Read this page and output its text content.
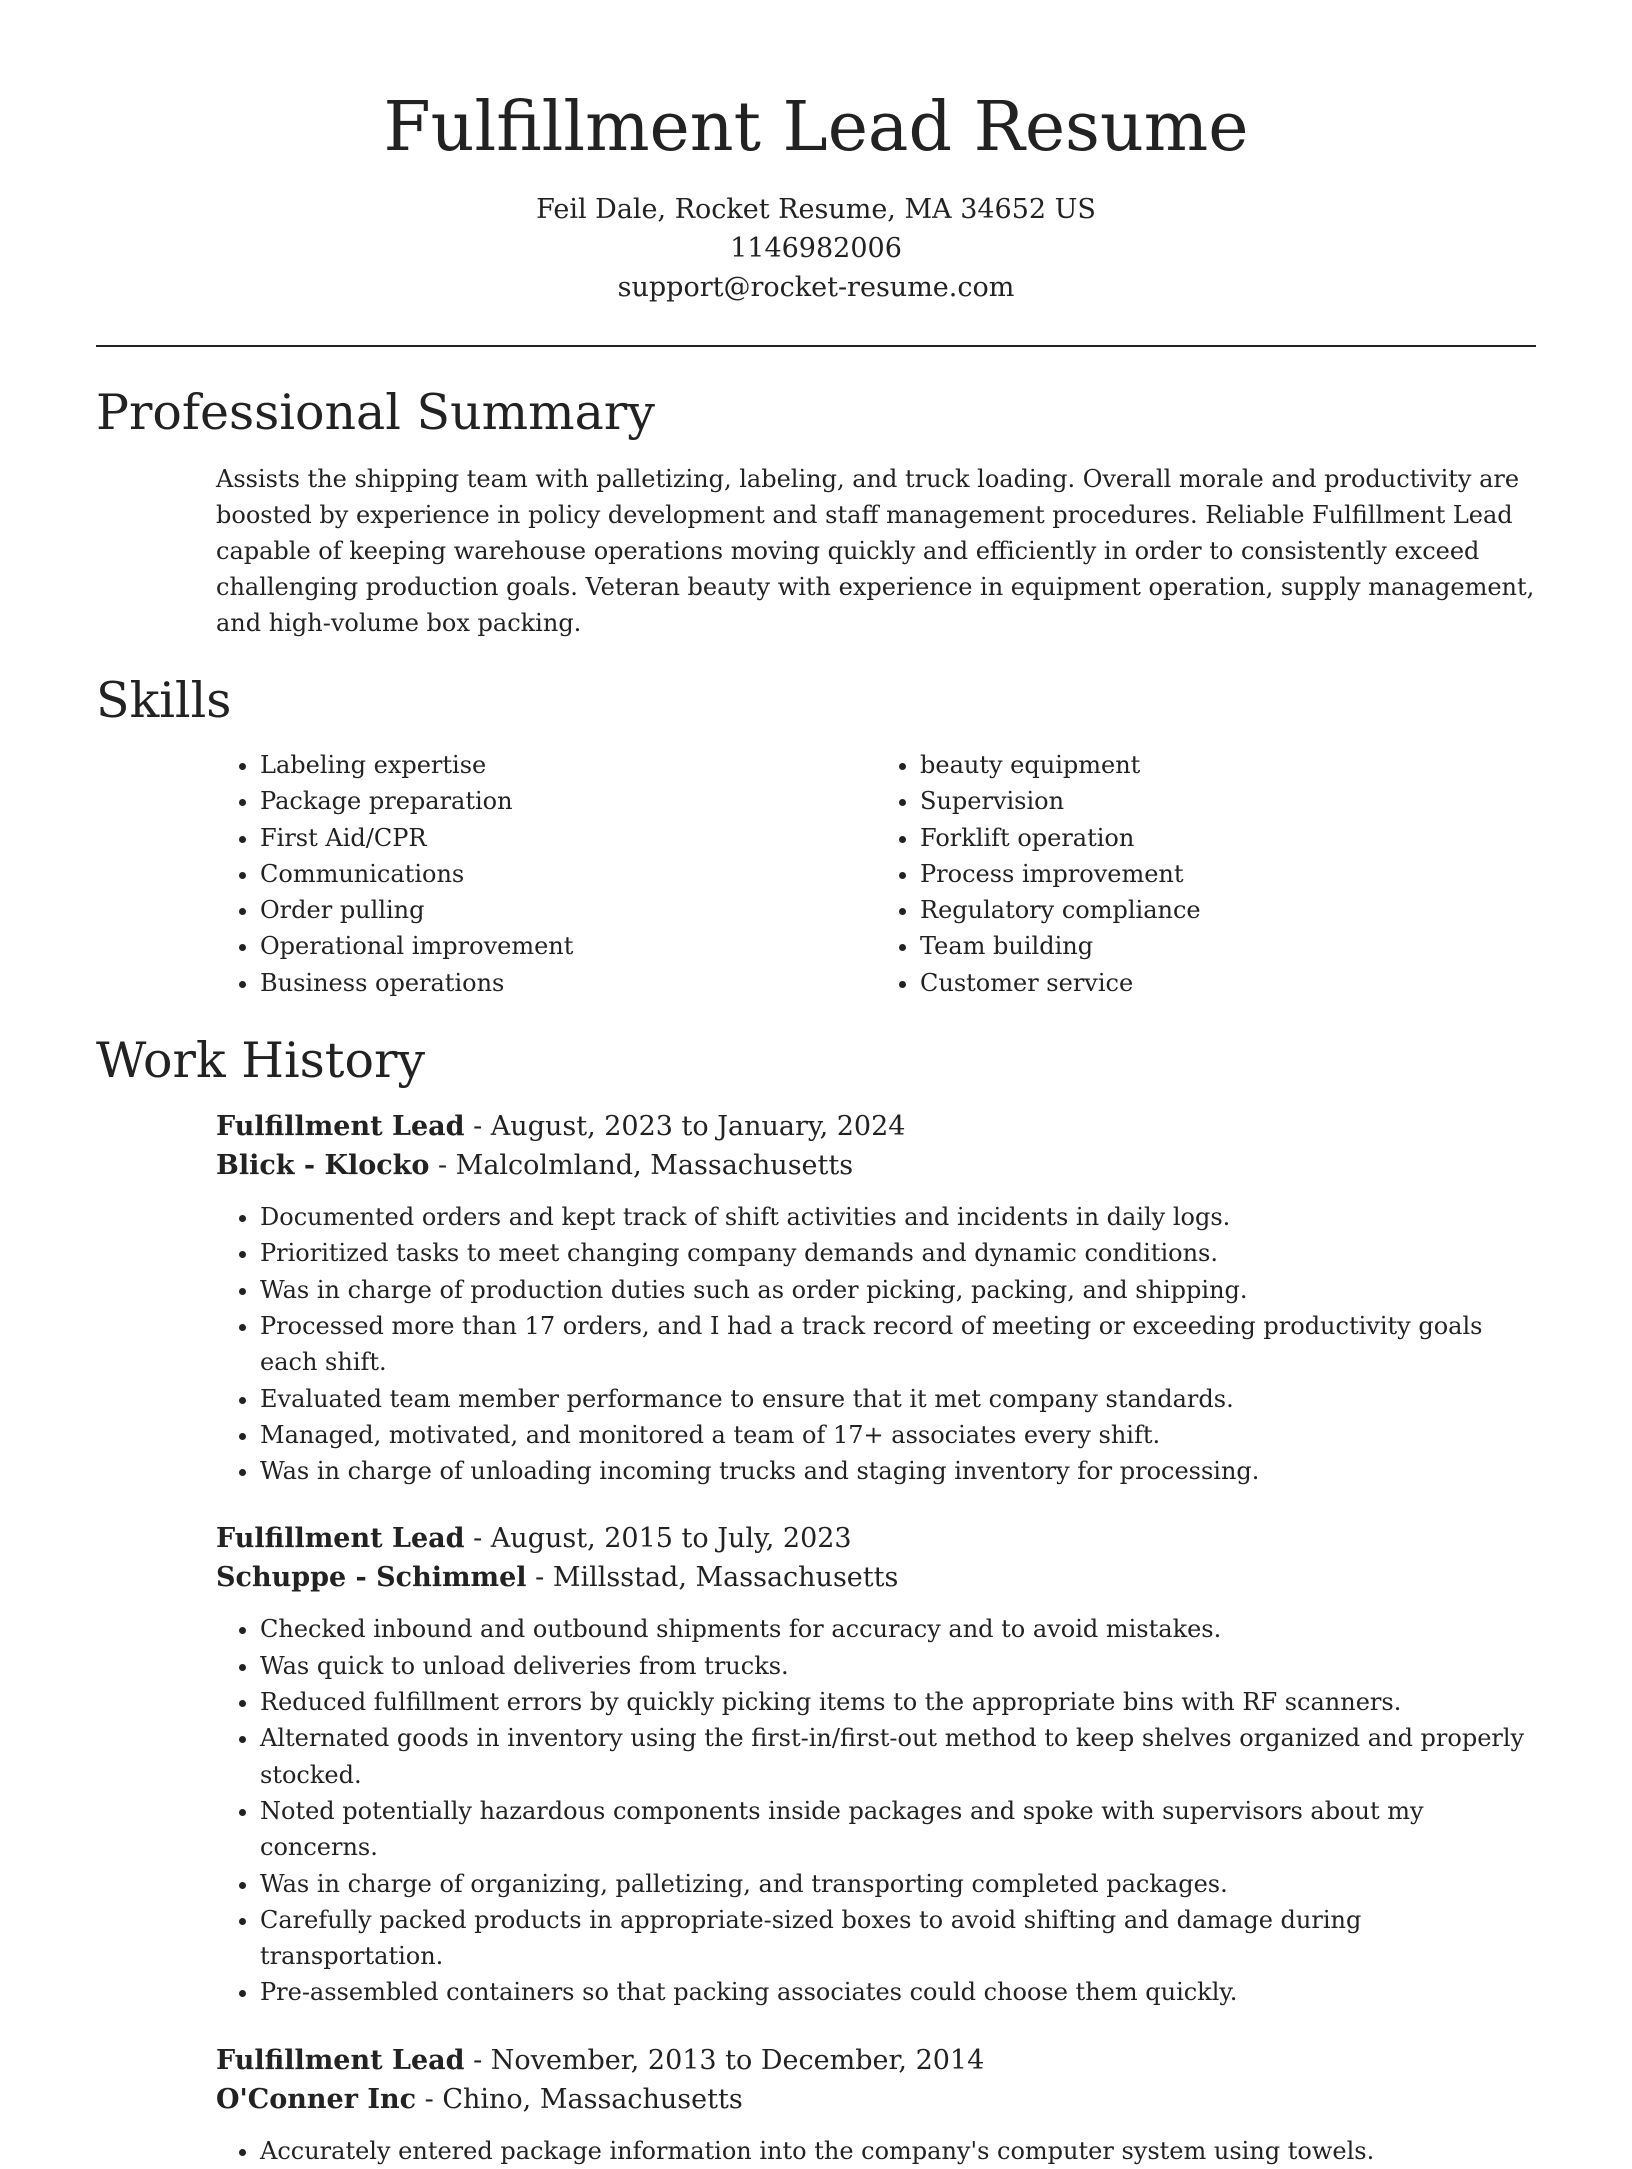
Fulfillment Lead Resume
Feil Dale, Rocket Resume, MA 34652 US
1146982006
support@rocket-resume.com
Professional Summary

Assists the shipping team with palletizing, labeling, and truck loading. Overall morale and productivity are boosted by experience in policy development and staff management procedures. Reliable Fulfillment Lead capable of keeping warehouse operations moving quickly and efficiently in order to consistently exceed challenging production goals. Veteran beauty with experience in equipment operation, supply management, and high-volume box packing.

Skills
• Labeling expertise
• Package preparation
• First Aid/CPR
• Communications
• Order pulling
• Operational improvement
• Business operations
• beauty equipment
• Supervision
• Forklift operation
• Process improvement
• Regulatory compliance
• Team building
• Customer service
Work History
Fulfillment Lead - August, 2023 to January, 2024
Blick - Klocko - Malcolmland, Massachusetts
• Documented orders and kept track of shift activities and incidents in daily logs.
• Prioritized tasks to meet changing company demands and dynamic conditions.
• Was in charge of production duties such as order picking, packing, and shipping.
• Processed more than 17 orders, and I had a track record of meeting or exceeding productivity goals each shift.
• Evaluated team member performance to ensure that it met company standards.
• Managed, motivated, and monitored a team of 17+ associates every shift.
• Was in charge of unloading incoming trucks and staging inventory for processing.
Fulfillment Lead - August, 2015 to July, 2023
Schuppe - Schimmel - Millsstad, Massachusetts
• Checked inbound and outbound shipments for accuracy and to avoid mistakes.
• Was quick to unload deliveries from trucks.
• Reduced fulfillment errors by quickly picking items to the appropriate bins with RF scanners.
• Alternated goods in inventory using the first-in/first-out method to keep shelves organized and properly stocked.
• Noted potentially hazardous components inside packages and spoke with supervisors about my concerns.
• Was in charge of organizing, palletizing, and transporting completed packages.
• Carefully packed products in appropriate-sized boxes to avoid shifting and damage during transportation.
• Pre-assembled containers so that packing associates could choose them quickly.
Fulfillment Lead - November, 2013 to December, 2014
O'Conner Inc - Chino, Massachusetts
• Accurately entered package information into the company's computer system using towels.
